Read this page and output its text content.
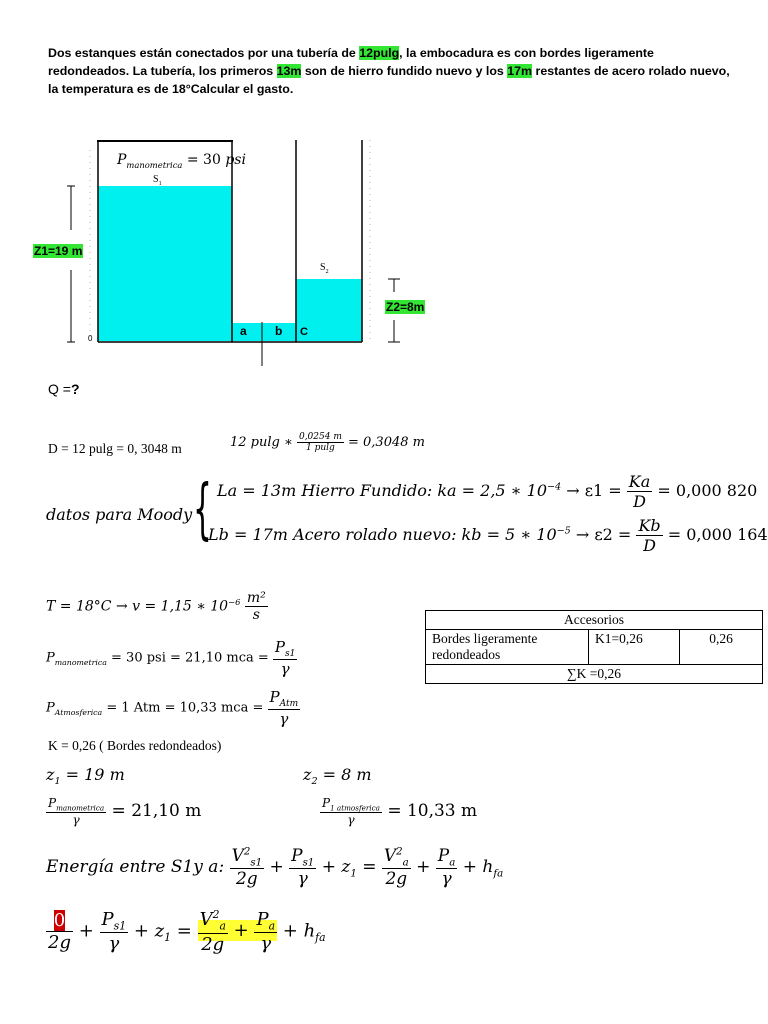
Dos estanques están conectados por una tubería de 12pulg, la embocadura es con bordes ligeramente redondeados. La tubería, los primeros 13m son de hierro fundido nuevo y los 17m restantes de acero rolado nuevo, la temperatura es de 18°Calcular el gasto.
$P_{manometrica} = 30$ psi
$S_1$
$S_2$
Z1=19 m
Z2=8m
0
a b C
Q =?
D = 12 pulg = 0, 3048 m	12 pulg ∗ $\frac{0,0254 m}{1 pulg} = 0,3048$ m
datos para Moody { La = 13m Hierro Fundido: ka = 2,5 ∗ $10^{-4} \to \varepsilon 1 = \frac{Ka}{D} = 0,000$ 820
Lb = 17m Acero rolado nuevo: kb = 5 ∗ $10^{-5} \to \varepsilon 2 = \frac{Kb}{D} = 0,000$ 164
T = 18°C → v = 1,15 ∗ $10^{-6} \frac{\text{m²}}{s}$
$P_{manometrica} = 30$ psi = 21,10 mca = $\frac{P_{s1}}{\gamma}$
$P_{Atmosferica} = 1$ Atm = 10,33 mca = $\frac{P_{Atm}}{\gamma}$
Accesorios
Bordes ligeramente redondeados	K1=0,26	0,26
∑K =0,26
K = 0,26 ( Bordes redondeados)
$z_1 = 19$ m	$z_2 = 8$ m
$\frac{P_{manometrica}}{\gamma} = 21,10$ m	$\frac{P_{1 atmosferica}}{\gamma} = 10,33$ m
Energía entre S1y a: $\frac{V^2_{s1}}{2g} + \frac{P_{s1}}{\gamma} + z_1 = \frac{V^2_a}{2g} + \frac{P_a}{\gamma} + h_{fa}$
$\frac{0}{2g} + \frac{P_{s1}}{\gamma} + z_1 = \frac{V^2_a}{2g} + \frac{P_a}{\gamma} + h_{fa}$
